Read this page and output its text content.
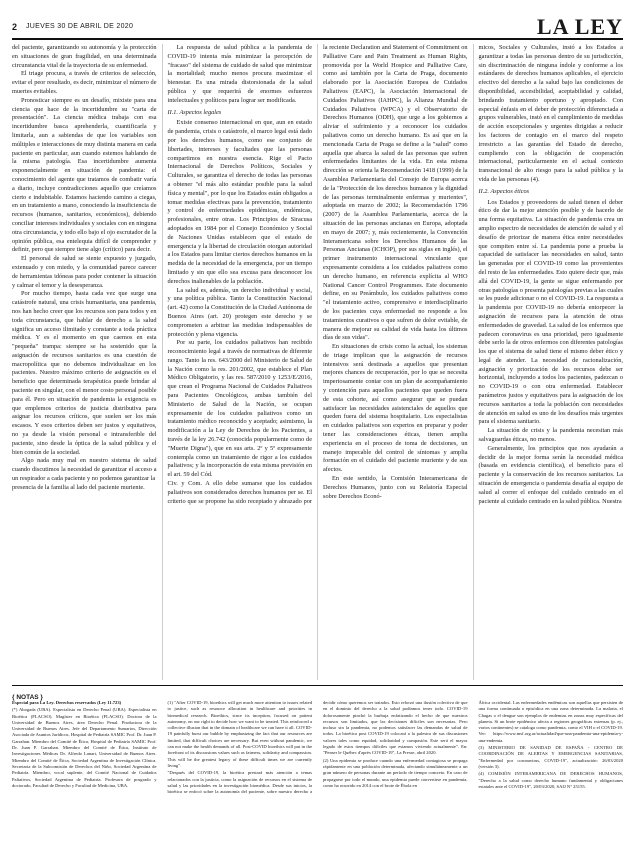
2 JUEVES 30 DE ABRIL DE 2020	LA LEY

del paciente, garantizando su autonomía y la protección en situaciones de gran fragilidad, en una determinada circunstancia vital de la trayectoria de su enfermedad.

El triage procura, a través de criterios de selección, evitar el peor resultado, es decir, minimizar el número de muertes evitables.

Pronosticar siempre es un desafío, mixiste para una ciencia que hace de la incertidumbre su "carta de presentación". La ciencia médica trabaja con esa incertidumbre basca aprehenderla, cuantificarla y limitarla, aun a sabiendas de que los variables son múltiples e interacciones de muy distinta manera en cada paciente en particular, aun cuando estemos hablando de la misma patología. Esa incertidumbre aumenta exponencialmente en situación de pandemia: el conocimiento del agente que tratamos de combatir varía a diario, incluye contradicciones aquello que creíamos cierto e indubitable. Estamos haciendo camino a ciegas, en un tratamiento a mano, conociendo la insuficiencia de recursos (humanos, sanitarios, económicos), debiendo conciliar intereses individuales y sociales con en ninguna otra circunstancia, y todo ello bajo el ojo escrutador de la opinión pública, esa entelequia difícil de comprender y definir, pero que siempre tiene algo (crítico) para decir.

El personal de salud se siente expuesto y juzgado, extenuado y con miedo, y la comunidad parece carecer de herramientas idóneas para poder contener la situación y calmar el temor y la desesperanza.

Por mucho tiempo, hasta cada vez que surge una catástrofe natural, una crisis humanitaria, una pandemia, nos han hecho creer que los recursos son para todos y en toda circunstancia, que hablar de derecho a la salud significa un acceso ilimitado y constante a toda práctica médica. Y es el momento en que caemos en esta "pequeña" trampa: siempre se ha sostenido que la asignación de recursos sanitarios es una cuestión de macropolítica que no debemos individualizar en los pacientes. Nuestro máximo criterio de asignación es el beneficio que determinada terapéutica puede brindar al paciente en singular, con el menor costo personal posible para él. Pero en situación de pandemia la exigencia es que emplemos criterios de justicia distributiva para asignar los recursos críticos, que suelen ser los más escasos. Y esos criterios deben ser justos y equitativos, no ya desde la visión personal e intransferible del paciente, sino desde la óptica de la salud pública y el bien común de la sociedad.

Algo nada muy mal en nuestro sistema de salud cuando discutimos la necesidad de garantizar el acceso a un respirador a cada paciente y no podemos garantizar la

presencia de la familia al lado del paciente muriente.

La respuesta de salud pública a la pandemia de COVID-19 intenta más minimizar la percepción de "fracaso" del sistema de cuidado de salud que minimizar la mortalidad; mucho menos procura maximizar el bienestar. Es una mirada distorsionada de la salud pública y que requerirá de enormes esfuerzos intelectuales y políticos para lograr ser modificada.

II.1. Aspectos legales

Existe consenso internacional en que, aun en estado de pandemia, crisis o catástrofe, el marco legal está dado por los derechos humanos, como ese conjunto de libertades, intereses y facultades que las personas compartimos en nuestra esencia. Rige el Pacto Internacional de Derechos Políticos, Sociales y Culturales, se garantiza el derecho de todas las personas a obtener "el más alto estándar posible para la salud física y mental", por lo que los Estados están obligados a tomar medidas efectivas para la prevención, tratamiento y control de enfermedades epidémicas, endémicas, profesionales, entre otras. Los Principios de Siracusa adoptados en 1984 por el Consejo Económico y Social de Naciones Unidas establecen que el estado de emergencia y la libertad de circulación otorgan autoridad a los Estados para limitar ciertos derechos humanos en la medida de la necesidad de la emergencia, por un tiempo limitado y sin que ello sea excusa para desconocer los derechos inalienables de la población.

La salud es, además, un derecho individual y social, y una política pública. Tanto la Constitución Nacional (art. 42) como la Constitución de la Ciudad Autónoma de Buenos Aires (art. 20) protegen este derecho y se comprometen a arbitrar las medidas indispensables de protección y plena vigencia.

Por su parte, los cuidados paliativos han recibido reconocimiento legal a través de normativas de diferente rango. Tanto la res. 643/2000 del Ministerio de Salud de la Nación como la res. 201/2002, que establece el Plan Médico Obligatorio, y las res. 587/2010 y 1253/E/2016, que crean el Programa Nacional de Cuidados Paliativos para Pacientes Oncológicos, ambas también del Ministerio de Salud de la Nación, se ocupan expresamente de los cuidados paliativos como un tratamiento médico reconocido y aceptado; asimismo, la modificación a la Ley de Derechos de los Pacientes, a través de la ley 26.742 (conocida popularmente como de "Muerte Digna"), que en sus arts. 2º y 5º expresamente contempla como un tratamiento de rigor a los cuidados paliativos; y la incorporación de esta misma previsión en el art. 59 del Cód.

Civ. y Com. A ello debe sumarse que los cuidados paliativos son considerados derechos humanos per se. El criterio que se propone ha sido receptado y abrazado por la reciente Declaration and Statement of Commitment on Palliative Care and Pain Treatment as Human Rights, promovida por la World Hospice and Palliative Care, como así también por la Carta de Praga, documento elaborado por la Asociación Europea de Cuidados Paliativos (EAPC), la Asociación Internacional de Cuidados Paliativos (IAHPC), la Alianza Mundial de Cuidados Paliativos (WPCA) y el Observatorio de Derechos Humanos (ODH), que urge a los gobiernos a aliviar el sufrimiento y a reconocer los cuidados paliativos como un derecho humano. Es así que en la mencionada Carta de Praga se define a la "salud" como aquella que abarca la salud de las personas que sufren enfermedades limitantes de la vida. En esta misma dirección se orienta la Recomendación 1418 (1999) de la Asamblea Parlamentaria del Consejo de Europa acerca de la "Protección de los derechos humanos y la dignidad de las personas terminalmente enfermas y murientes", adoptada en marzo de 2002; la Recomendación 1796 (2007) de la Asamblea Parlamentaria, acerca de la situación de las personas ancianas en Europa, adoptada en mayo de 2007; y, más recientemente, la Convención Interamericana sobre los Derechos Humanos de las Personas Ancianas (ICHOP), por sus siglas en inglés), el primer instrumento internacional vinculante que expresamente considera a los cuidados paliativos como un derecho humano, en referencia explícita al WHO National Cancer Control Programmes. Este documento define, en su Preámbulo, los cuidados paliativos como "el tratamiento activo, comprensivo e interdisciplinario de los pacientes cuya enfermedad no responde a los tratamientos curativos o que sufren de dolor evitable, de manera de mejorar su calidad de vida hasta los últimos días de sus vidas".

En situaciones de crisis como la actual, los sistemas de triage implican que la asignación de recursos intensivos será destinada a aquellos que presentan mejores chances de recuperación, por lo que se necesita imperiosamente contar con un plan de acompañamiento y contención para aquellos pacientes que queden fuera de esta cohorte, así como asegurar que se puedan satisfacer las necesidades asistenciales de aquellos que queden fuera del sistema hospitalario. Los especialistas en cuidados paliativos son expertos en preparar y poder tener las consideraciones éticas, tienen amplia experiencia en el proceso de toma de decisiones, un manejo impecable del control de síntomas y amplia formación en el cuidado del paciente muriente y de sus afectos.

En este sentido, la Comisión Interamericana de Derechos Humanos, junto con su Relatoría Especial sobre Derechos Econó-

micos, Sociales y Culturales, instó a los Estados a garantizar a todas las personas dentro de su jurisdicción, sin discriminación de ninguna índole y conforme a los estándares de derechos humanos aplicables, el ejercicio efectivo del derecho a la salud bajo las condiciones de disponibilidad, accesibilidad, aceptabilidad y calidad, brindando tratamiento oportuno y apropiado. Con especial énfasis en el deber de protección diferenciada a grupos vulnerables, instó en el cumplimiento de medidas de acción excepcionales y urgentes dirigidas a reducir los factores de contagio en el marco del respeto irrestricto a las garantías del Estado de derecho, cumpliendo con la obligación de cooperación internacional, particularmente en el actual contexto transnacional de alto riesgo para la salud pública y la vida de las personas (4).

II.2. Aspectos éticos

Los Estados y proveedores de salud tienen el deber ético de dar la mejor atención posible y de hacerlo de una forma equitativa. La situación de pandemia crea un amplio espectro de necesidades de atención de salud y el desafío de priorizar de manera ética entre necesidades que compiten entre sí. La pandemia pone a prueba la capacidad de satisfacer las necesidades en salud, tanto las generadas por el COVID-19 como las provenientes del resto de las enfermedades. Esto quiere decir que, más allá del COVID-19, la gente se sigue enfermando por otras patologías o presenta patologías previas a las cuales se les puede adicionar o no el COVID-19. La respuesta a la pandemia por COVID-19 no debería entorpecer la asignación de recursos para la atención de otras enfermedades de gravedad. La salud de los enfermos que padecen coronavirus es una prioridad, pero igualmente debe serlo la de otros enfermos con diferentes patologías los que el sistema de salud tiene el mismo deber ético y legal de atender. La necesidad de racionalización, asignación y priorización de los recursos debe ser horizontal, incluyendo a todos los pacientes, padezcan o no COVID-19 o con otra enfermedad. Establecer parámetros justos y equitativos para la asignación de los recursos sanitarios a toda la población con necesidades de atención en salud es uno de los desafíos más urgentes para el sistema sanitario.

La situación de crisis y la pandemia necesitan más salvaguardas éticas, no menos.

Generalmente, los principios que nos ayudarán a decidir de la mejor forma serán la necesidad médica (basada en evidencia científica), el beneficio para el paciente y la conservación de los recursos sanitarios. La situación de emergencia o pandemia desafía al equipo de salud al correr el enfoque del cuidado centrado en el paciente al cuidado centrado en la salud pública. Nuestra

{ NOTAS }

Especial para La Ley. Derechos reservados (Ley 11.723)

(*) Abogada (UBA). Especialista en Derecho Penal (UBA). Especialista en Bioética (FLACSO). Magíster en Bioética (FLACSO). Doctora de la Universidad de Buenos Aires, área Derecho Penal. Productora de la Universidad de Buenos Aires. Jefe del Departamento Sumarios, Dirección Asociada de Asuntos Jurídicos, Hospital de Pediatría SAMIC Prof. Dr. Juan P. Garrahan. Miembro del Comité de Ética, Hospital de Pediatría SAMIC Prof. Dr. Juan P. Garrahan. Miembro del Comité de Ética, Instituto de Investigaciones Médicas Dr. Alfredo Lanari, Universidad de Buenos Aires. Miembro del Comité de Ética, Sociedad Argentina de Investigación Clínica. Secretaria de la Subcomisión de Derechos del Niño, Sociedad Argentina de Pediatría. Miembro, vocal suplente, del Comité Nacional de Cuidados Paliativos, Sociedad Argentina de Pediatría. Profesora de posgrado y doctorado, Facultad de Derecho y Facultad de Medicina, UBA.

(1) "After COVID-19, bioethics will get much more attention to issues related to justice, such as resource allocation in healthcare and priorities in biomedical research. Bioethics, since its inception, focused on patient autonomy, on our right to decide how we want to be treated. This reinforced a collective illusion that in the domain of healthcare we can have it all. COVID-19 painfully burst our bubble by emphasizing the fact that our resources are limited, that difficult choices are necessary. But even without pandemic, we can not make the health demands of all. Post-COVID bioethics will put in the forefront of its discussions values such as fairness, solidarity and compassion. This will be the greatest legacy of these difficult times we are currently living".

"Después del COVID-19, la bioética prestará más atención a temas relacionados con la justicia, como la asignación de recursos en el sistema de salud y las prioridades en la investigación biomédica. Desde sus inicios, la bioética se enfocó sobre la autonomía del paciente, sobre nuestro derecho a decidir cómo queremos ser tratados. Esto reforzó una ilusión colectiva de que en el dominio del derecho a la salud podíamos tener todo. COVID-19 dolorosamente pinchó la burbuja enfatizando el hecho de que nuestros recursos son limitados, que las decisiones difíciles son necesarias. Pero incluso sin la pandemia, no podemos satisfacer las demandas de salud de todos. La bioética post COVID-19 colocará a la palestra de sus discusiones valores tales como equidad, solidaridad y compasión. Este será el mayor legado de estos tiempos difíciles que estamos viviendo actualmente". En: "Penser le Québec d'après COVID-19", La Presse, abril 2020.

(2) Una epidemia se produce cuando una enfermedad contagiosa se propaga rápidamente en una población determinada, afectando simultáneamente a un gran número de personas durante un período de tiempo concreto. En caso de propagarse por todo el mundo, una epidemia puede convertirse en pandemia, como ha ocurrido en 2014 con el brote de Ébola en

África occidental. Las enfermedades endémicas son aquellas que persisten de una forma continuada o episódica en una zona determinada. La malaria, el Chagas o el dengue son ejemplos de endemias en zonas muy específicas del planeta. Si un brote epidémico afecta a regiones geográficas extensas (p. ej., varios continentes) se cataloga como pandemia, como el VIH o el COVID-19. Ver: https://www.msf.org.ar/actualidad/que-una-pandemia-una-epidemia-y-una-endemia.

(3) MINISTERIO DE SANIDAD DE ESPAÑA - CENTRO DE COORDINACIÓN DE ALERTAS Y EMERGENCIAS SANITARIAS, "Enfermedad por coronavirus, COVID-19", actualización: 26/03/2020 (versión 3).

(4) COMISIÓN INTERAMERICANA DE DERECHOS HUMANOS, "Derecho a la salud como derecho humano fundamental y obligaciones estatales ante el COVID-19", 20/03/2020, SAIJ N° 25155.
